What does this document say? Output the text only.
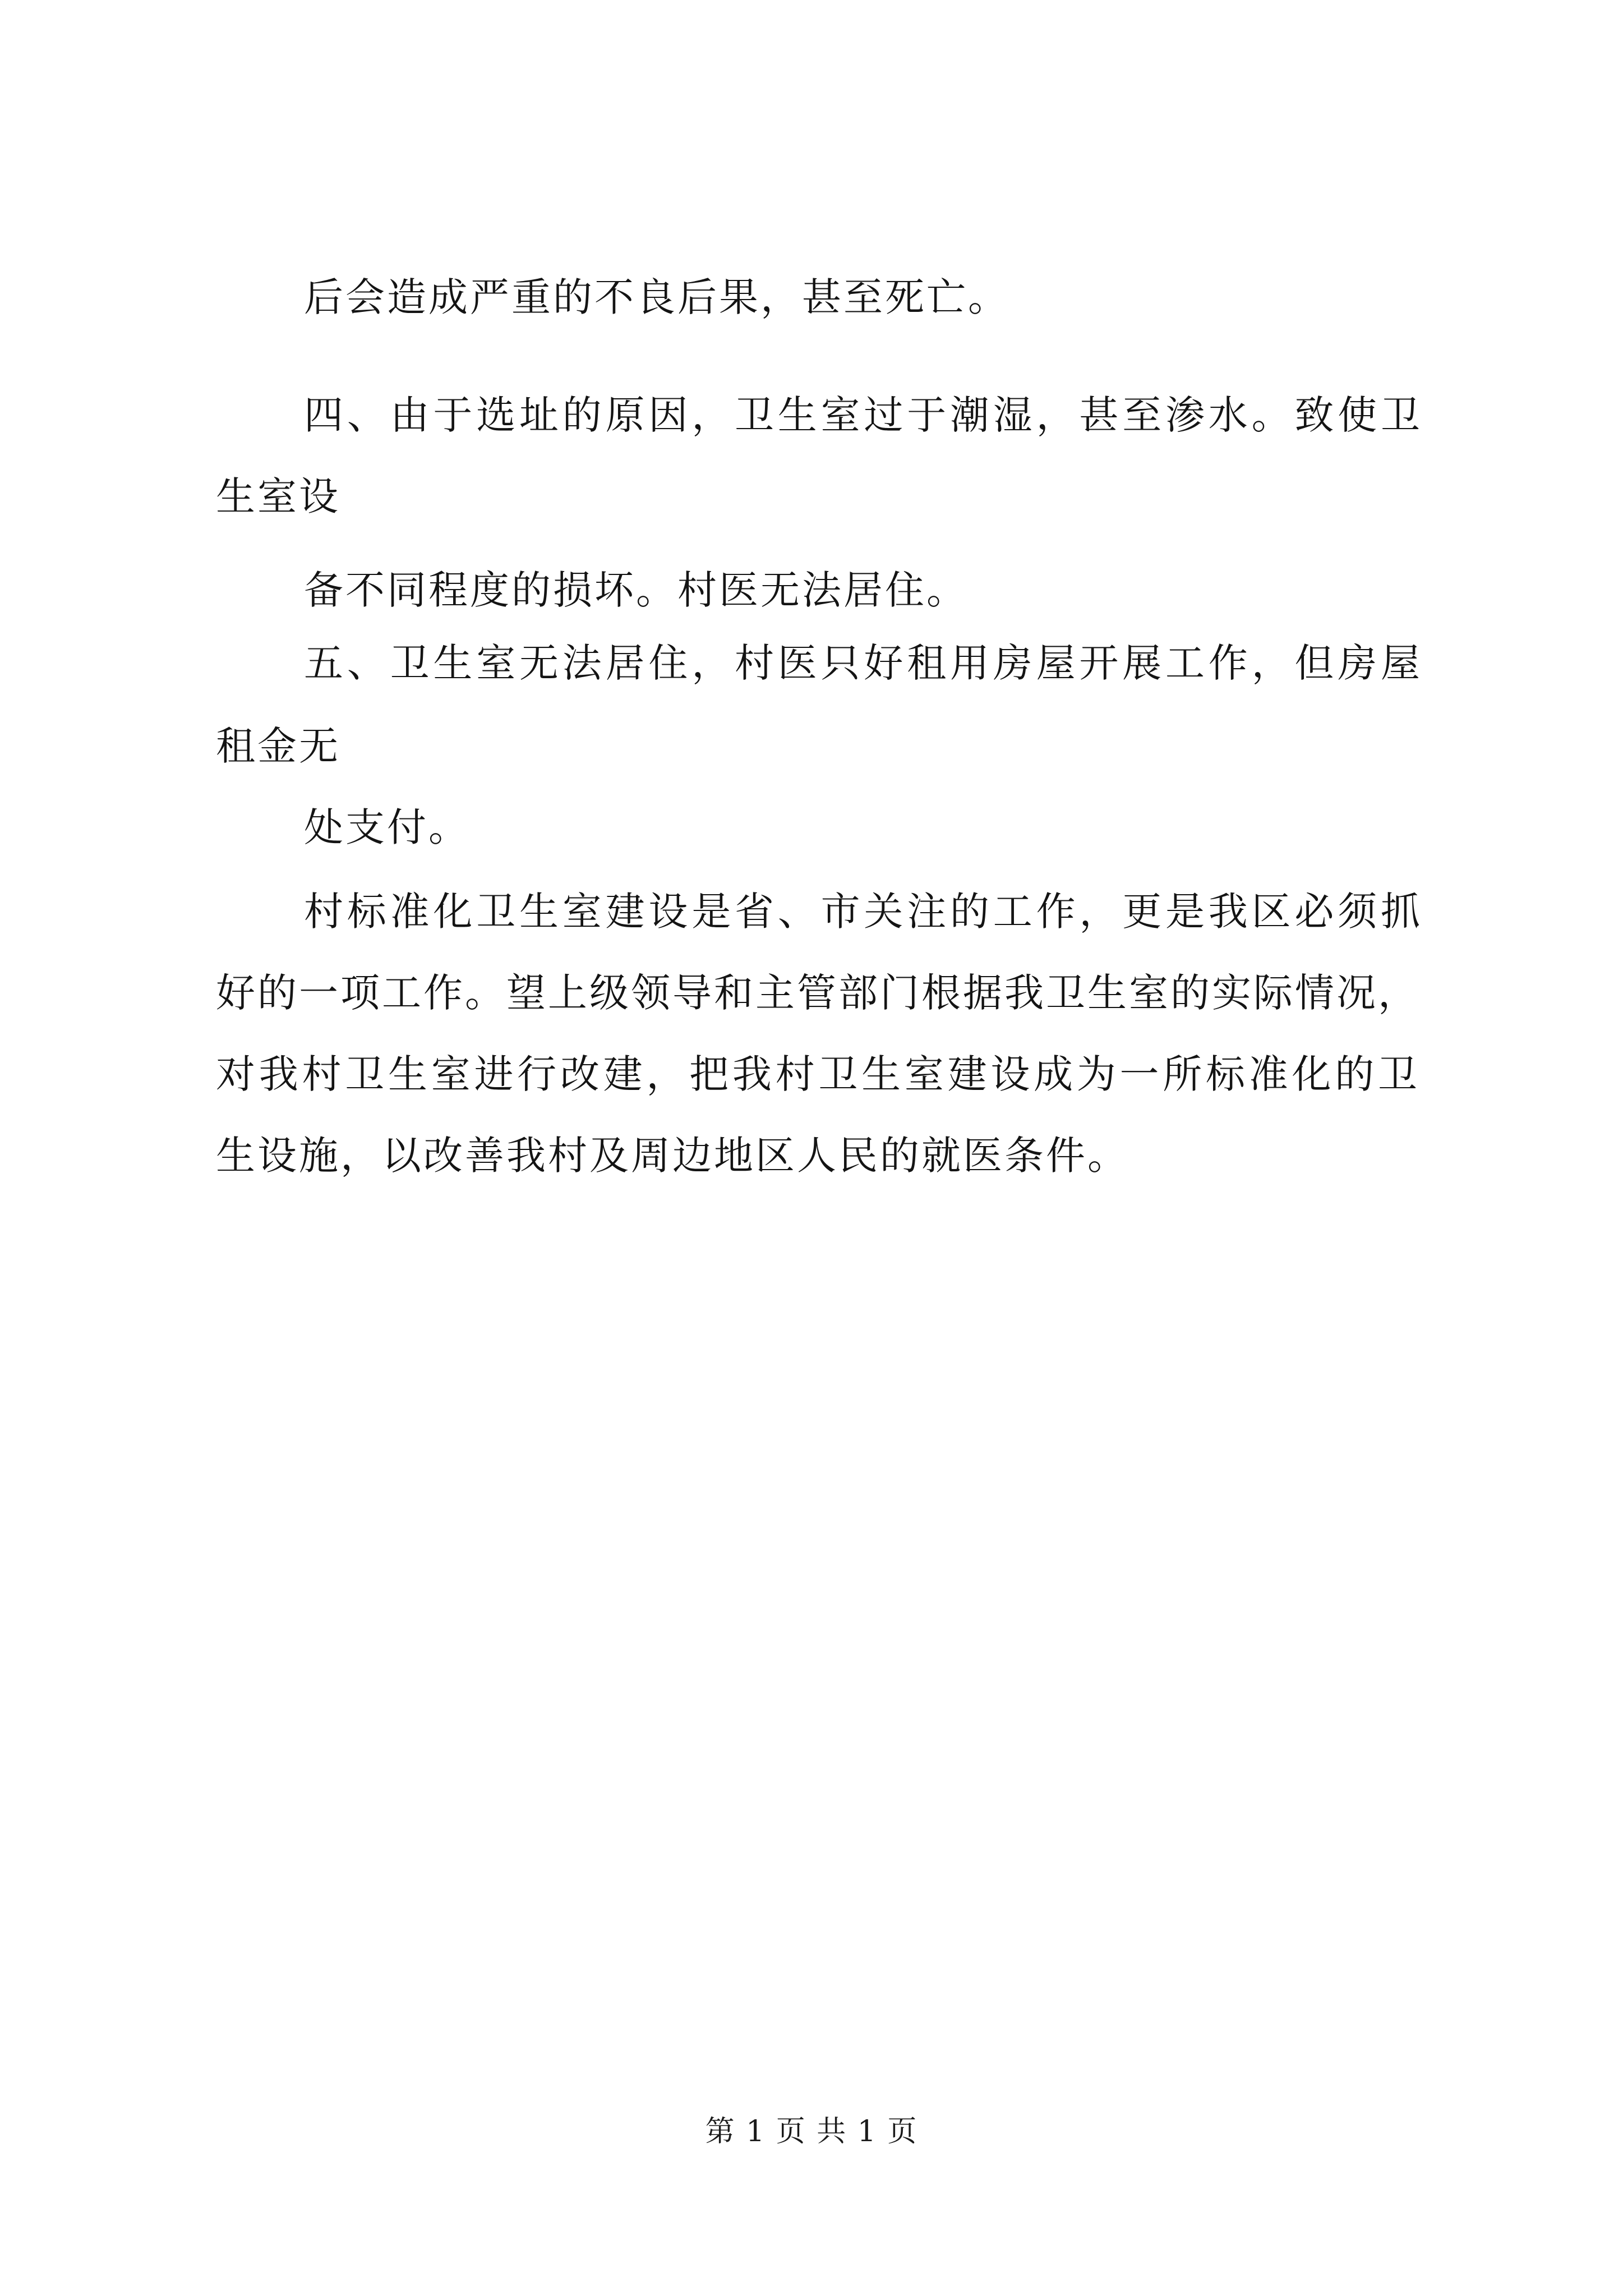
后会造成严重的不良后果，甚至死亡。
四、由于选址的原因，卫生室过于潮湿，甚至渗水。致使卫
生室设
备不同程度的损坏。村医无法居住。
五、卫生室无法居住，村医只好租用房屋开展工作，但房屋
租金无
处支付。
村标准化卫生室建设是省、市关注的工作，更是我区必须抓
好的一项工作。望上级领导和主管部门根据我卫生室的实际情况，
对我村卫生室进行改建，把我村卫生室建设成为一所标准化的卫
生设施，以改善我村及周边地区人民的就医条件。
第 1 页 共 1 页
